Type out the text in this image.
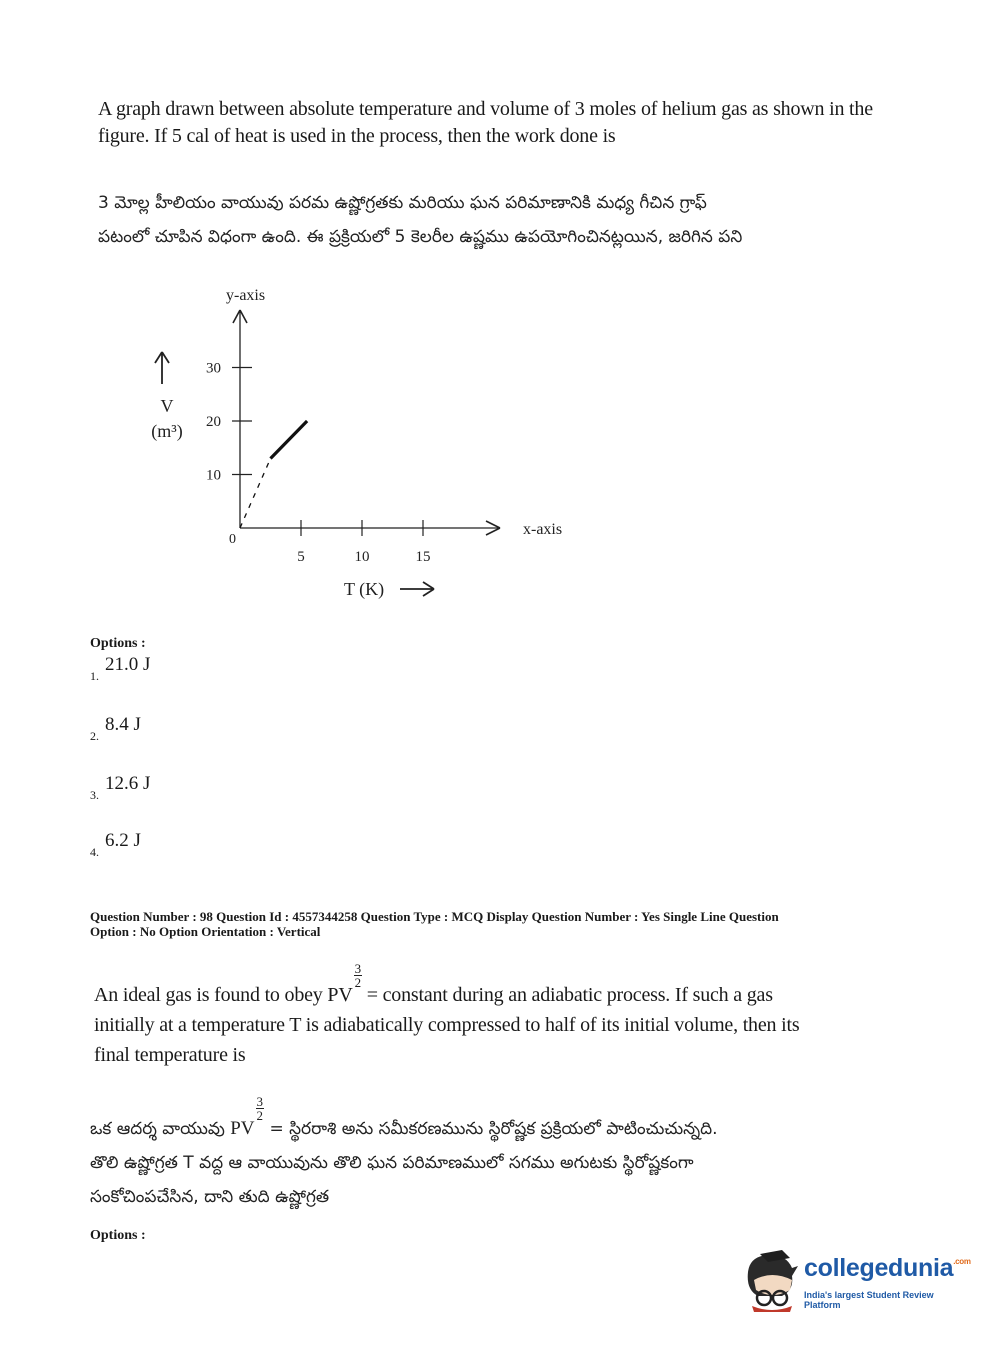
A graph drawn between absolute temperature and volume of 3 moles of helium gas as shown in the figure. If 5 cal of heat is used in the process, then the work done is
3 మోల్ల హీలియం వాయువు పరమ ఉష్ణోగ్రతకు మరియు ఘన పరిమాణానికి మధ్య గీచిన గ్రాఫ్
పటంలో చూపిన విధంగా ఉంది. ఈ ప్రక్రియలో 5 కెలరీల ఉష్ణము ఉపయోగించినట్లయిన, జరిగిన పని
x-axis
y-axis
0
5	10	15
10
20
30
V
(m³)
T (K)
Options :
$_{1.}$21.0 J
$_{2.}$8.4 J
$_{3.}$12.6 J
$_{4.}$6.2 J
Question Number : 98 Question Id : 4557344258 Question Type : MCQ Display Question Number : Yes Single Line Question
Option : No Option Orientation : Vertical
An ideal gas is found to obey PV
$\frac{3}{2}$
= constant during an adiabatic process. If such a gas
initially at a temperature T is adiabatically compressed to half of its initial volume, then its
final temperature is
ఒక ఆదర్శ వాయువు PV
$\frac{3}{2}$
= స్థిరరాశి అను సమీకరణమును స్థిరోష్ణక ప్రక్రియలో పాటించుచున్నది.
తొలి ఉష్ణోగ్రత T వద్ద ఆ వాయువును తొలి ఘన పరిమాణములో సగము అగుటకు స్థిరోష్ణకంగా
సంకోచింపచేసిన, దాని తుది ఉష్ణోగ్రత
Options :
collegedunia$^{.com}$
India's largest Student Review Platform
